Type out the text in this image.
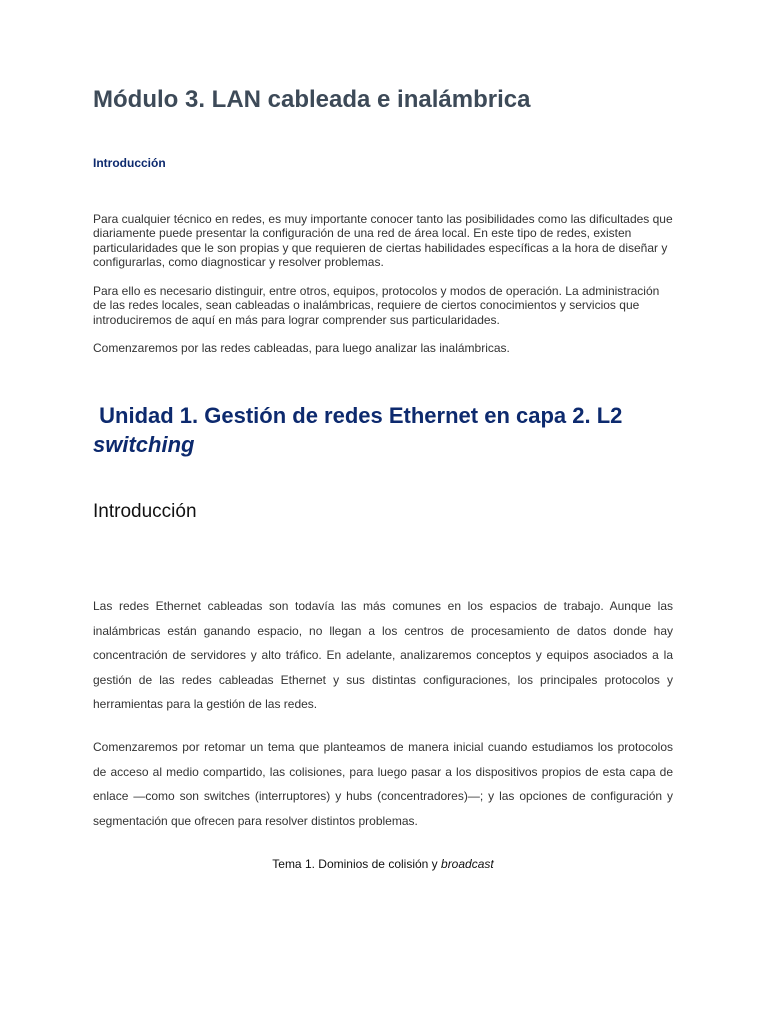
Módulo 3. LAN cableada e inalámbrica
Introducción

Para cualquier técnico en redes, es muy importante conocer tanto las posibilidades como las dificultades que diariamente puede presentar la configuración de una red de área local. En este tipo de redes, existen particularidades que le son propias y que requieren de ciertas habilidades específicas a la hora de diseñar y configurarlas, como diagnosticar y resolver problemas.

Para ello es necesario distinguir, entre otros, equipos, protocolos y modos de operación. La administración de las redes locales, sean cableadas o inalámbricas, requiere de ciertos conocimientos y servicios que introduciremos de aquí en más para lograr comprender sus particularidades.

Comenzaremos por las redes cableadas, para luego analizar las inalámbricas.

Unidad 1. Gestión de redes Ethernet en capa 2. L2
switching
Introducción

Las redes Ethernet cableadas son todavía las más comunes en los espacios de trabajo. Aunque las inalámbricas están ganando espacio, no llegan a los centros de procesamiento de datos donde hay concentración de servidores y alto tráfico. En adelante, analizaremos conceptos y equipos asociados a la gestión de las redes cableadas Ethernet y sus distintas configuraciones, los principales protocolos y herramientas para la gestión de las redes.

Comenzaremos por retomar un tema que planteamos de manera inicial cuando estudiamos los protocolos de acceso al medio compartido, las colisiones, para luego pasar a los dispositivos propios de esta capa de enlace —como son switches (interruptores) y hubs (concentradores)—; y las opciones de configuración y segmentación que ofrecen para resolver distintos problemas.

Tema 1. Dominios de colisión y broadcast
